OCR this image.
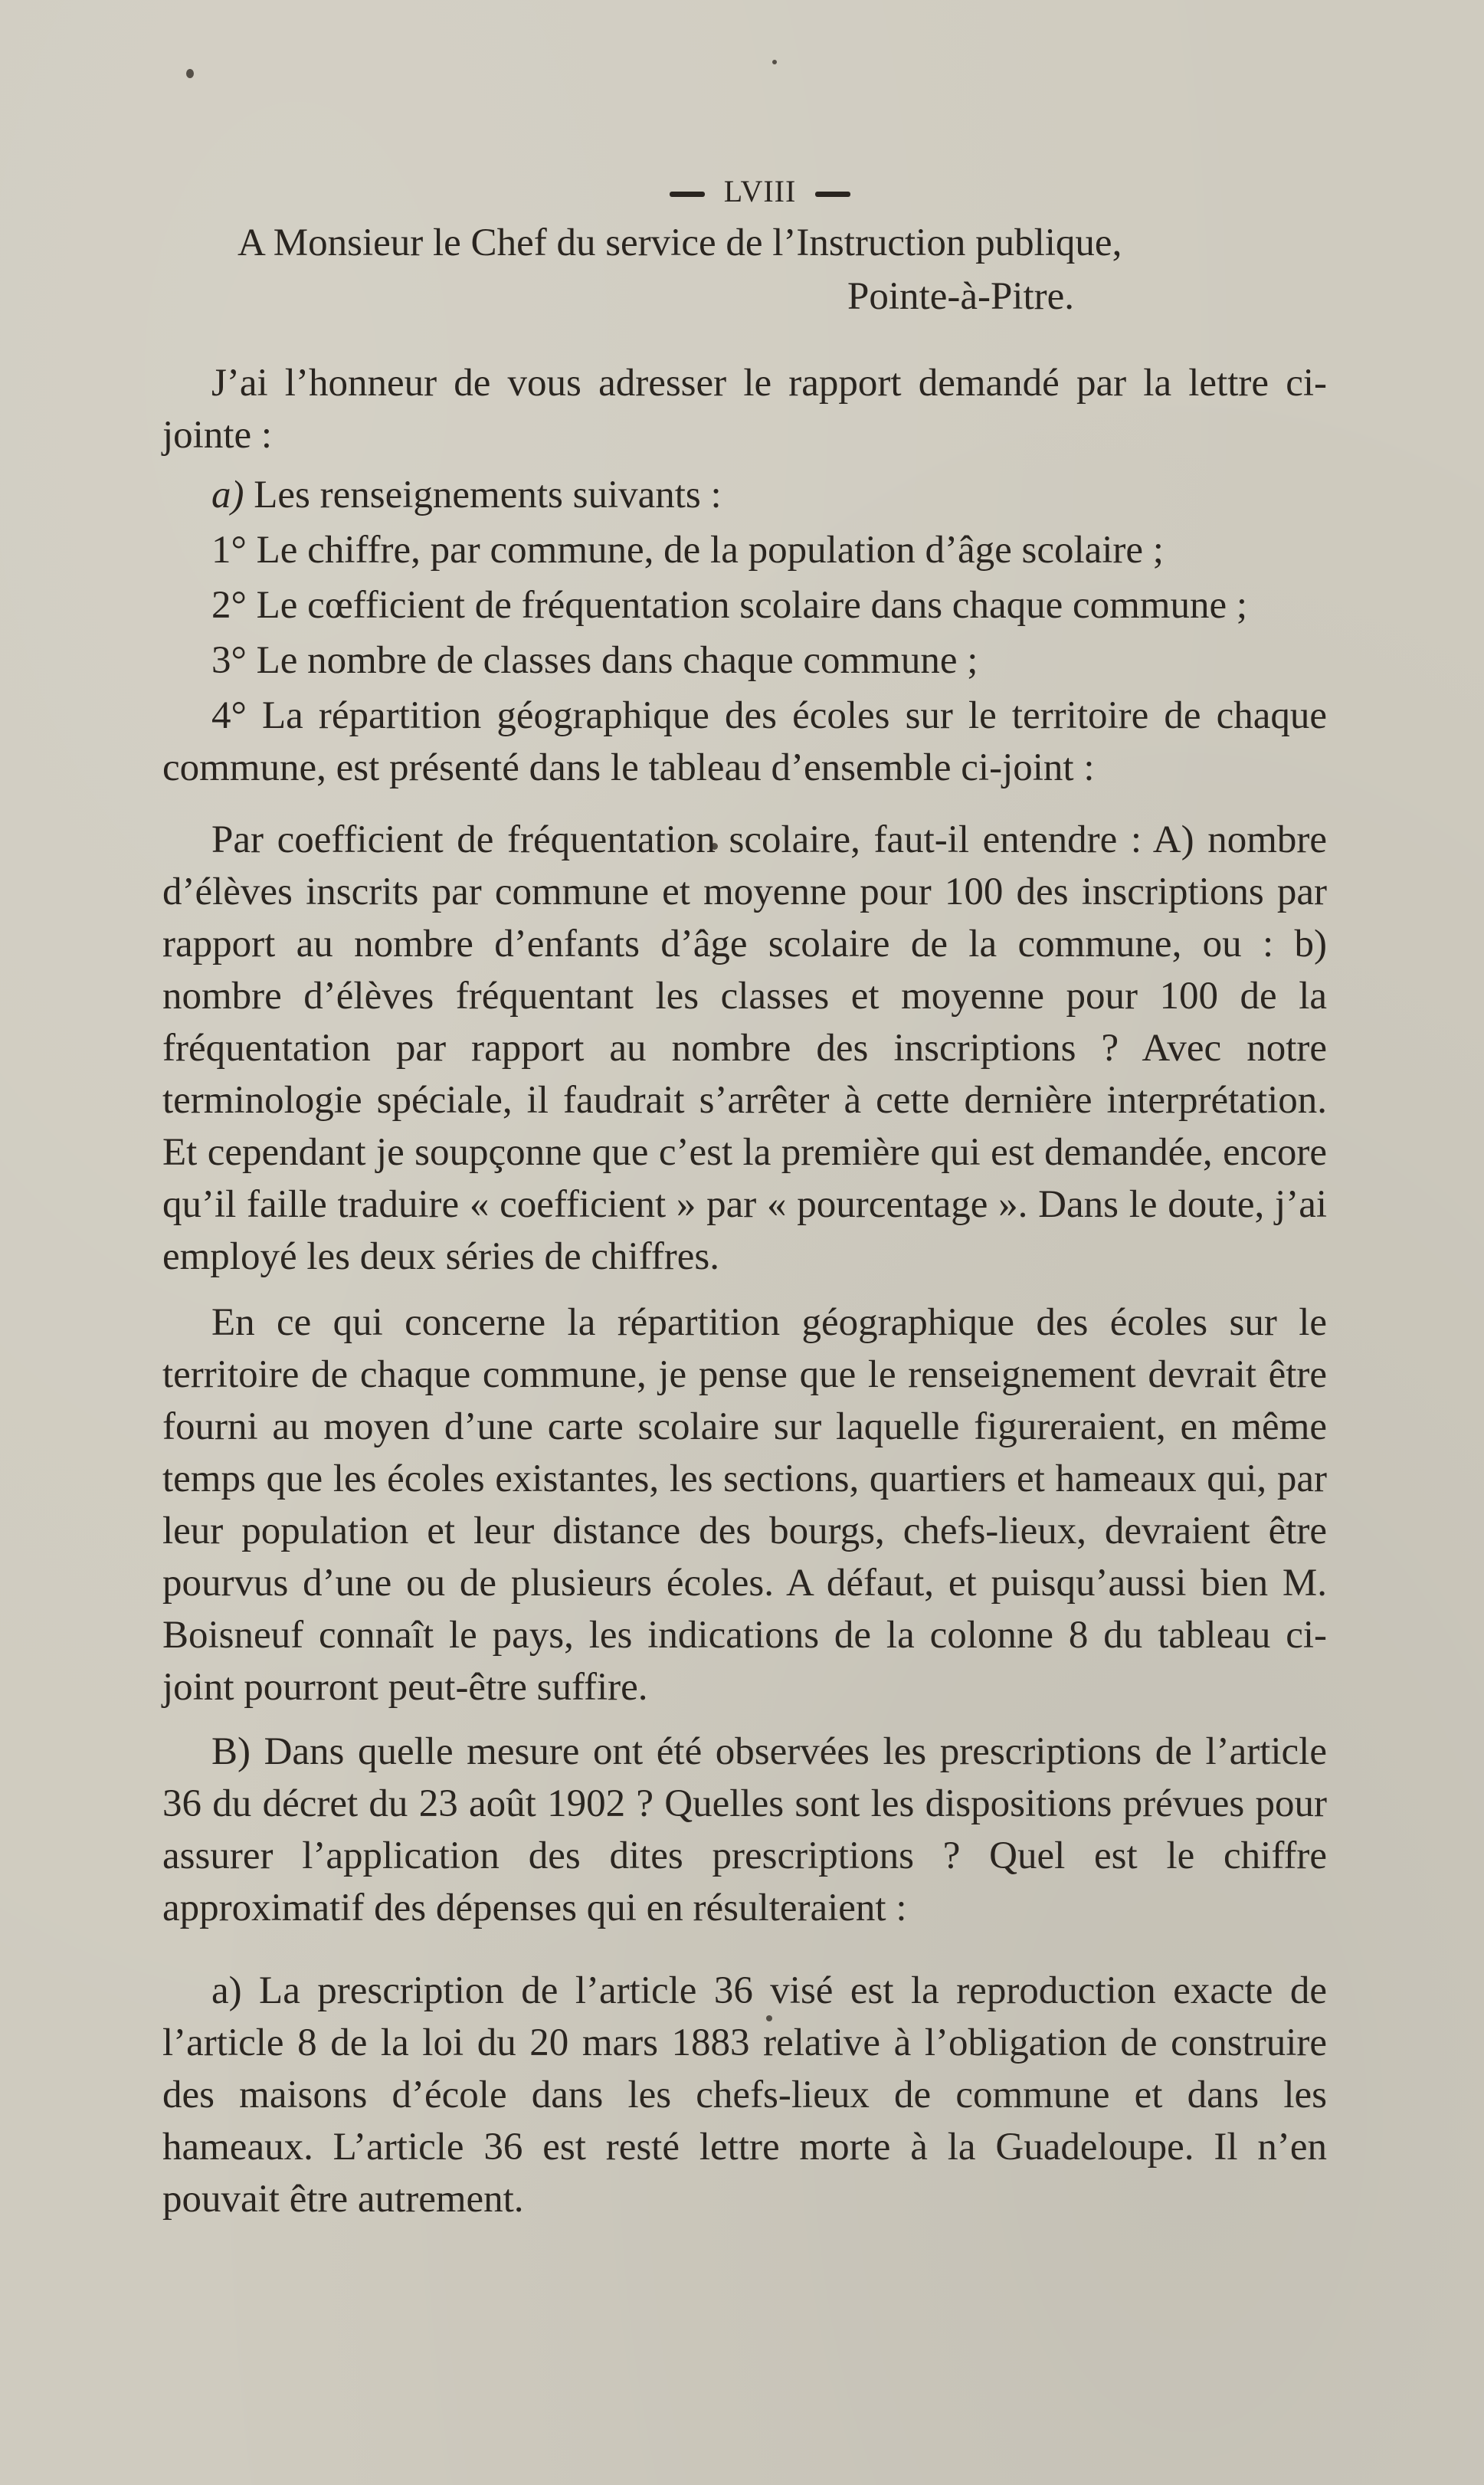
LVIII
A Monsieur le Chef du service de l’Instruction publique,
Pointe-à-Pitre.

J’ai l’honneur de vous adresser le rapport demandé par la lettre ci-jointe :

a) Les renseignements suivants :

1° Le chiffre, par commune, de la population d’âge scolaire ;

2° Le cœfficient de fréquentation scolaire dans chaque commune ;

3° Le nombre de classes dans chaque commune ;

4° La répartition géographique des écoles sur le territoire de chaque commune, est présenté dans le tableau d’ensemble ci-joint :

Par coefficient de fréquentation scolaire, faut-il entendre : A) nombre d’élèves inscrits par commune et moyenne pour 100 des inscriptions par rapport au nombre d’enfants d’âge scolaire de la commune, ou : b) nombre d’élèves fréquentant les classes et moyenne pour 100 de la fréquentation par rapport au nombre des inscriptions ? Avec notre terminologie spéciale, il faudrait s’arrêter à cette dernière interprétation. Et cependant je soupçonne que c’est la première qui est demandée, encore qu’il faille traduire « coefficient » par « pourcentage ». Dans le doute, j’ai employé les deux séries de chiffres.

En ce qui concerne la répartition géographique des écoles sur le territoire de chaque commune, je pense que le renseignement devrait être fourni au moyen d’une carte scolaire sur laquelle figureraient, en même temps que les écoles existantes, les sections, quartiers et hameaux qui, par leur population et leur distance des bourgs, chefs-lieux, devraient être pourvus d’une ou de plusieurs écoles. A défaut, et puisqu’aussi bien M. Boisneuf connaît le pays, les indications de la colonne 8 du tableau ci-joint pourront peut-être suffire.

B) Dans quelle mesure ont été observées les prescriptions de l’article 36 du décret du 23 août 1902 ? Quelles sont les dispositions prévues pour assurer l’application des dites prescriptions ? Quel est le chiffre approximatif des dépenses qui en résulteraient :

a) La prescription de l’article 36 visé est la reproduction exacte de l’article 8 de la loi du 20 mars 1883 relative à l’obligation de construire des maisons d’école dans les chefs-lieux de commune et dans les hameaux. L’article 36 est resté lettre morte à la Guadeloupe. Il n’en pouvait être autrement.
